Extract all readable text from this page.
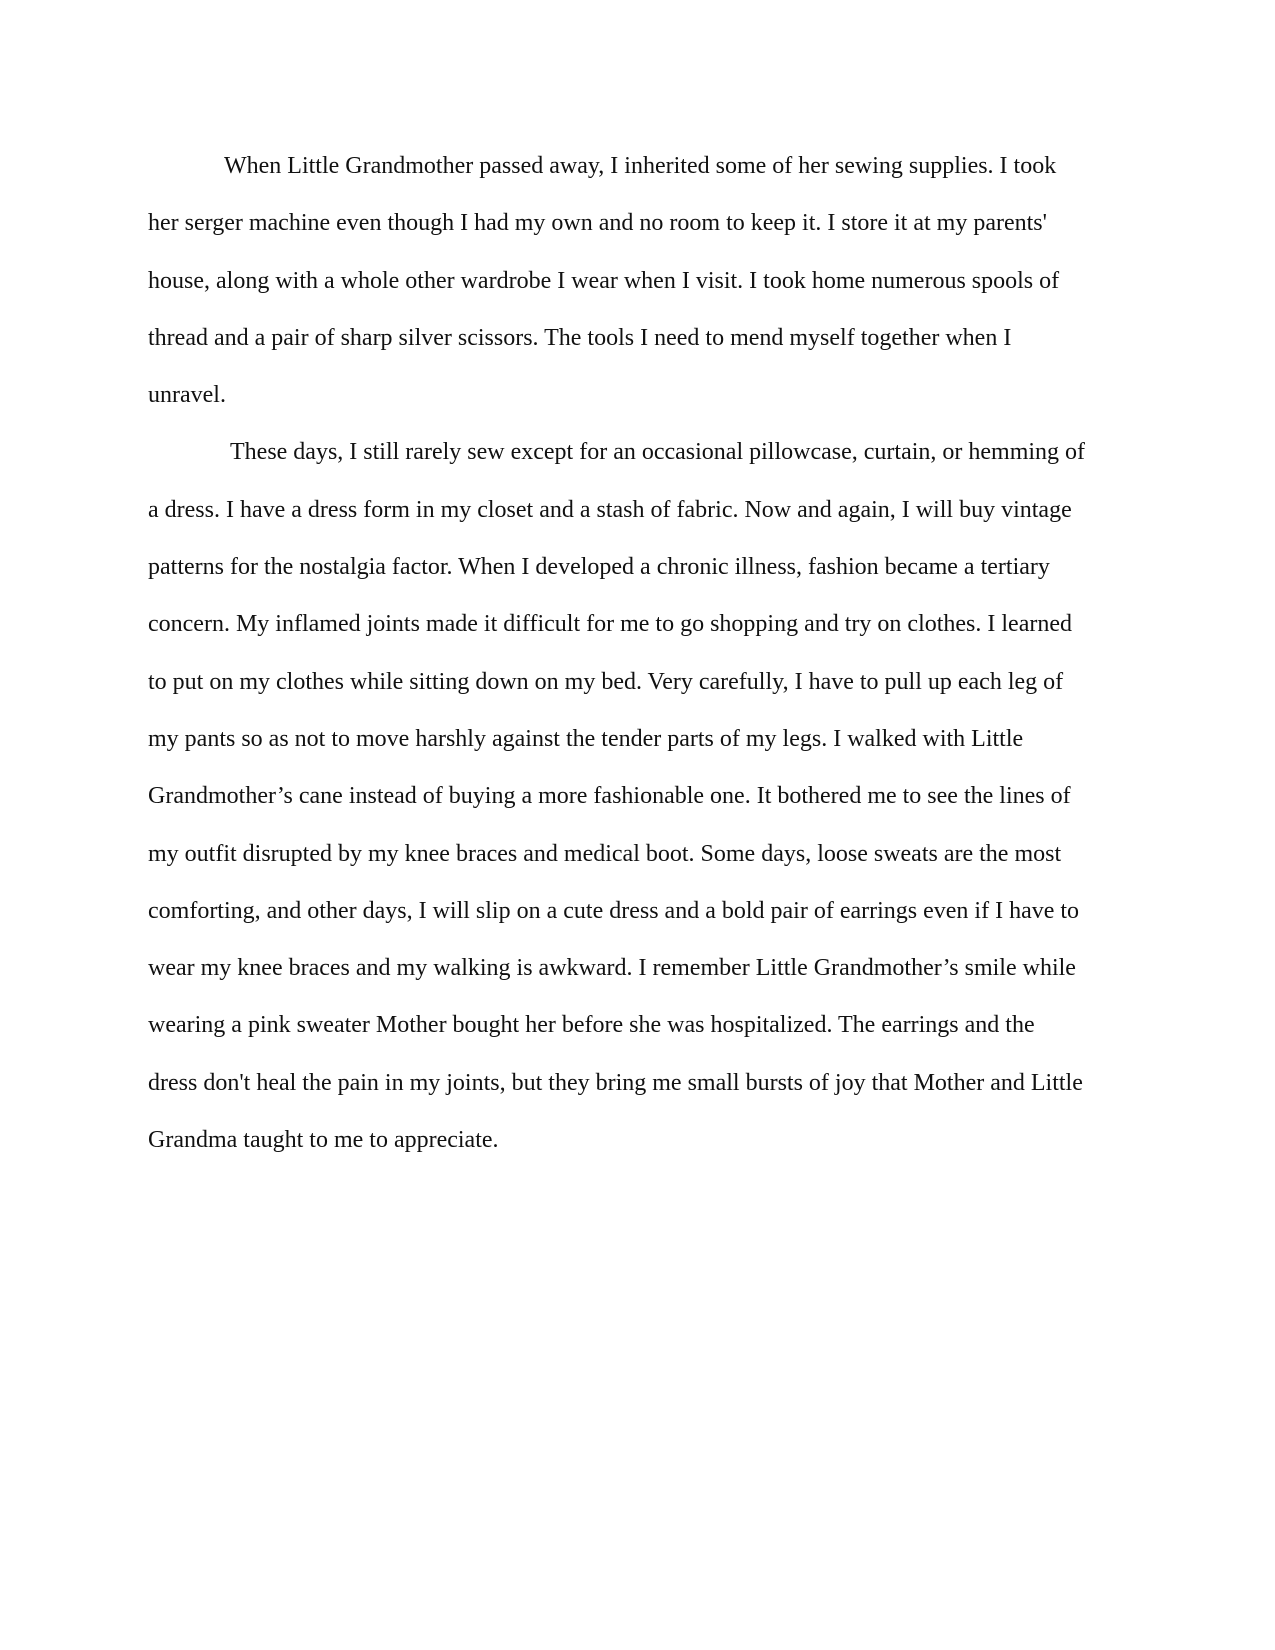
When Little Grandmother passed away, I inherited some of her sewing supplies. I took
her serger machine even though I had my own and no room to keep it. I store it at my parents'
house, along with a whole other wardrobe I wear when I visit. I took home numerous spools of
thread and a pair of sharp silver scissors. The tools I need to mend myself together when I
unravel.
These days, I still rarely sew except for an occasional pillowcase, curtain, or hemming of
a dress. I have a dress form in my closet and a stash of fabric. Now and again, I will buy vintage
patterns for the nostalgia factor. When I developed a chronic illness, fashion became a tertiary
concern. My inflamed joints made it difficult for me to go shopping and try on clothes. I learned
to put on my clothes while sitting down on my bed. Very carefully, I have to pull up each leg of
my pants so as not to move harshly against the tender parts of my legs. I walked with Little
Grandmother’s cane instead of buying a more fashionable one. It bothered me to see the lines of
my outfit disrupted by my knee braces and medical boot. Some days, loose sweats are the most
comforting, and other days, I will slip on a cute dress and a bold pair of earrings even if I have to
wear my knee braces and my walking is awkward. I remember Little Grandmother’s smile while
wearing a pink sweater Mother bought her before she was hospitalized. The earrings and the
dress don't heal the pain in my joints, but they bring me small bursts of joy that Mother and Little
Grandma taught to me to appreciate.
